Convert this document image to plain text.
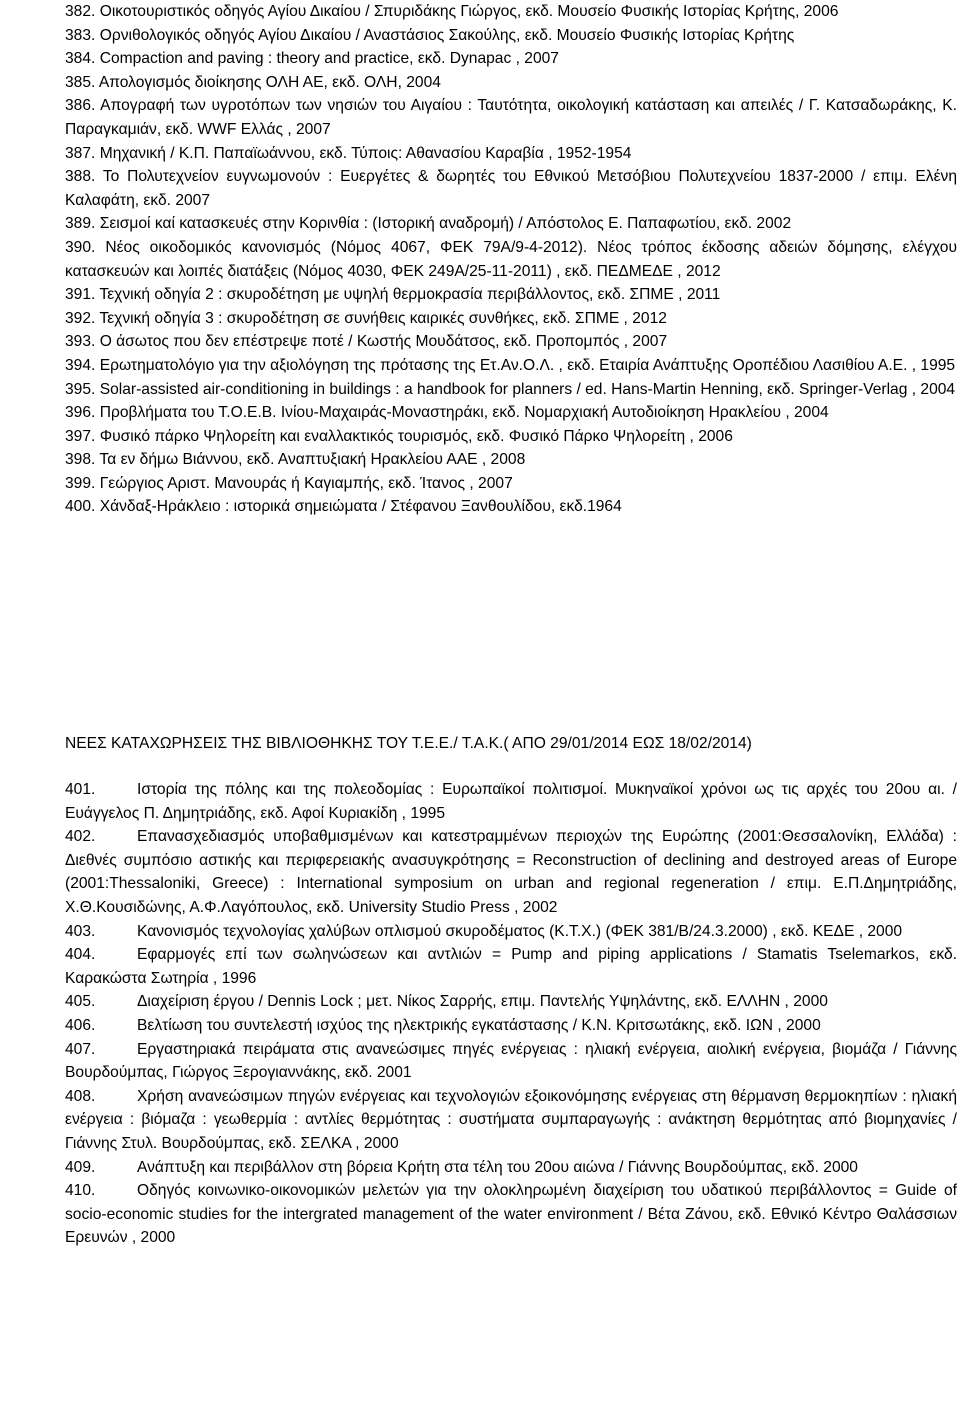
382. Οικοτουριστικός οδηγός Αγίου Δικαίου / Σπυριδάκης Γιώργος, εκδ. Μουσείο Φυσικής Ιστορίας Κρήτης, 2006
383. Ορνιθολογικός οδηγός Αγίου Δικαίου / Αναστάσιος Σακούλης, εκδ. Μουσείο Φυσικής Ιστορίας Κρήτης
384. Compaction and paving : theory and practice, εκδ. Dynapac , 2007
385. Απολογισμός διοίκησης ΟΛΗ ΑΕ, εκδ. ΟΛΗ, 2004
386. Απογραφή των υγροτόπων των νησιών του Αιγαίου : Ταυτότητα, οικολογική κατάσταση και απειλές / Γ. Κατσαδωράκης, Κ. Παραγκαμιάν, εκδ. WWF Ελλάς , 2007
387. Μηχανική / Κ.Π. Παπαϊωάννου, εκδ. Τύποις: Αθανασίου Καραβία , 1952-1954
388. Το Πολυτεχνείον ευγνωμονούν : Ευεργέτες & δωρητές του Εθνικού Μετσόβιου Πολυτεχνείου 1837-2000 / επιμ. Ελένη Καλαφάτη, εκδ. 2007
389. Σεισμοί καί κατασκευές στην Κορινθία : (Ιστορική αναδρομή) / Απόστολος Ε. Παπαφωτίου, εκδ. 2002
390. Νέος οικοδομικός κανονισμός (Νόμος 4067, ΦΕΚ 79Α/9-4-2012). Νέος τρόπος έκδοσης αδειών δόμησης, ελέγχου κατασκευών και λοιπές διατάξεις (Νόμος 4030, ΦΕΚ 249Α/25-11-2011) , εκδ. ΠΕΔΜΕΔΕ , 2012
391. Τεχνική οδηγία 2 : σκυροδέτηση με υψηλή θερμοκρασία περιβάλλοντος, εκδ. ΣΠΜΕ , 2011
392. Τεχνική οδηγία 3 : σκυροδέτηση σε συνήθεις καιρικές συνθήκες, εκδ. ΣΠΜΕ , 2012
393. Ο άσωτος που δεν επέστρεψε ποτέ / Κωστής Μουδάτσος, εκδ. Προπομπός , 2007
394. Ερωτηματολόγιο για την αξιολόγηση της πρότασης της Ετ.Αν.Ο.Λ. , εκδ. Εταιρία Ανάπτυξης Οροπέδιου Λασιθίου Α.Ε. , 1995
395. Solar-assisted air-conditioning in buildings : a handbook for planners / ed. Hans-Martin Henning, εκδ. Springer-Verlag , 2004
396. Προβλήματα του Τ.Ο.Ε.Β. Ινίου-Μαχαιράς-Μοναστηράκι, εκδ. Νομαρχιακή Αυτοδιοίκηση Ηρακλείου , 2004
397. Φυσικό πάρκο Ψηλορείτη και εναλλακτικός τουρισμός, εκδ. Φυσικό Πάρκο Ψηλορείτη , 2006
398. Τα εν δήμω Βιάννου, εκδ. Αναπτυξιακή Ηρακλείου ΑΑΕ , 2008
399. Γεώργιος Αριστ. Μανουράς ή Καγιαμπής, εκδ. Ίτανος , 2007
400. Χάνδαξ-Ηράκλειο : ιστορικά σημειώματα / Στέφανου Ξανθουλίδου, εκδ.1964
ΝΕΕΣ ΚΑΤΑΧΩΡΗΣΕΙΣ ΤΗΣ ΒΙΒΛΙΟΘΗΚΗΣ ΤΟΥ Τ.Ε.Ε./ Τ.Α.Κ.( ΑΠΟ 29/01/2014 ΕΩΣ 18/02/2014)
401.	Ιστορία της πόλης και της πολεοδομίας : Ευρωπαϊκοί πολιτισμοί. Μυκηναϊκοί χρόνοι ως τις αρχές του 20ου αι. / Ευάγγελος Π. Δημητριάδης, εκδ. Αφοί Κυριακίδη , 1995
402.	Επανασχεδιασμός υποβαθμισμένων και κατεστραμμένων περιοχών της Ευρώπης (2001:Θεσσαλονίκη, Ελλάδα) : Διεθνές συμπόσιο αστικής και περιφερειακής ανασυγκρότησης = Reconstruction of declining and destroyed areas of Europe (2001:Thessaloniki, Greece) : International symposium on urban and regional regeneration / επιμ. Ε.Π.Δημητριάδης, Χ.Θ.Κουσιδώνης, Α.Φ.Λαγόπουλος, εκδ. University Studio Press , 2002
403.	Κανονισμός τεχνολογίας χαλύβων οπλισμού σκυροδέματος (Κ.Τ.Χ.) (ΦΕΚ 381/Β/24.3.2000) , εκδ. ΚΕΔΕ , 2000
404.	Εφαρμογές επί των σωληνώσεων και αντλιών = Pump and piping applications / Stamatis Tselemarkos, εκδ. Καρακώστα Σωτηρία , 1996
405.	Διαχείριση έργου / Dennis Lock ; μετ. Νίκος Σαρρής, επιμ. Παντελής Υψηλάντης, εκδ. ΕΛΛΗΝ , 2000
406.	Βελτίωση του συντελεστή ισχύος της ηλεκτρικής εγκατάστασης / Κ.Ν. Κριτσωτάκης, εκδ. ΙΩΝ , 2000
407.	Εργαστηριακά πειράματα στις ανανεώσιμες πηγές ενέργειας : ηλιακή ενέργεια, αιολική ενέργεια, βιομάζα / Γιάννης Βουρδούμπας, Γιώργος Ξερογιαννάκης, εκδ. 2001
408.	Χρήση ανανεώσιμων πηγών ενέργειας και τεχνολογιών εξοικονόμησης ενέργειας στη θέρμανση θερμοκηπίων : ηλιακή ενέργεια : βιόμαζα : γεωθερμία : αντλίες θερμότητας : συστήματα συμπαραγωγής : ανάκτηση θερμότητας από βιομηχανίες / Γιάννης Στυλ. Βουρδούμπας, εκδ. ΣΕΛΚΑ , 2000
409.	Ανάπτυξη και περιβάλλον στη βόρεια Κρήτη στα τέλη του 20ου αιώνα / Γιάννης Βουρδούμπας, εκδ. 2000
410.	Οδηγός κοινωνικο-οικονομικών μελετών για την ολοκληρωμένη διαχείριση του υδατικού περιβάλλοντος = Guide of socio-economic studies for the intergrated management of the water environment / Βέτα Ζάνου, εκδ. Εθνικό Κέντρο Θαλάσσιων Ερευνών , 2000
